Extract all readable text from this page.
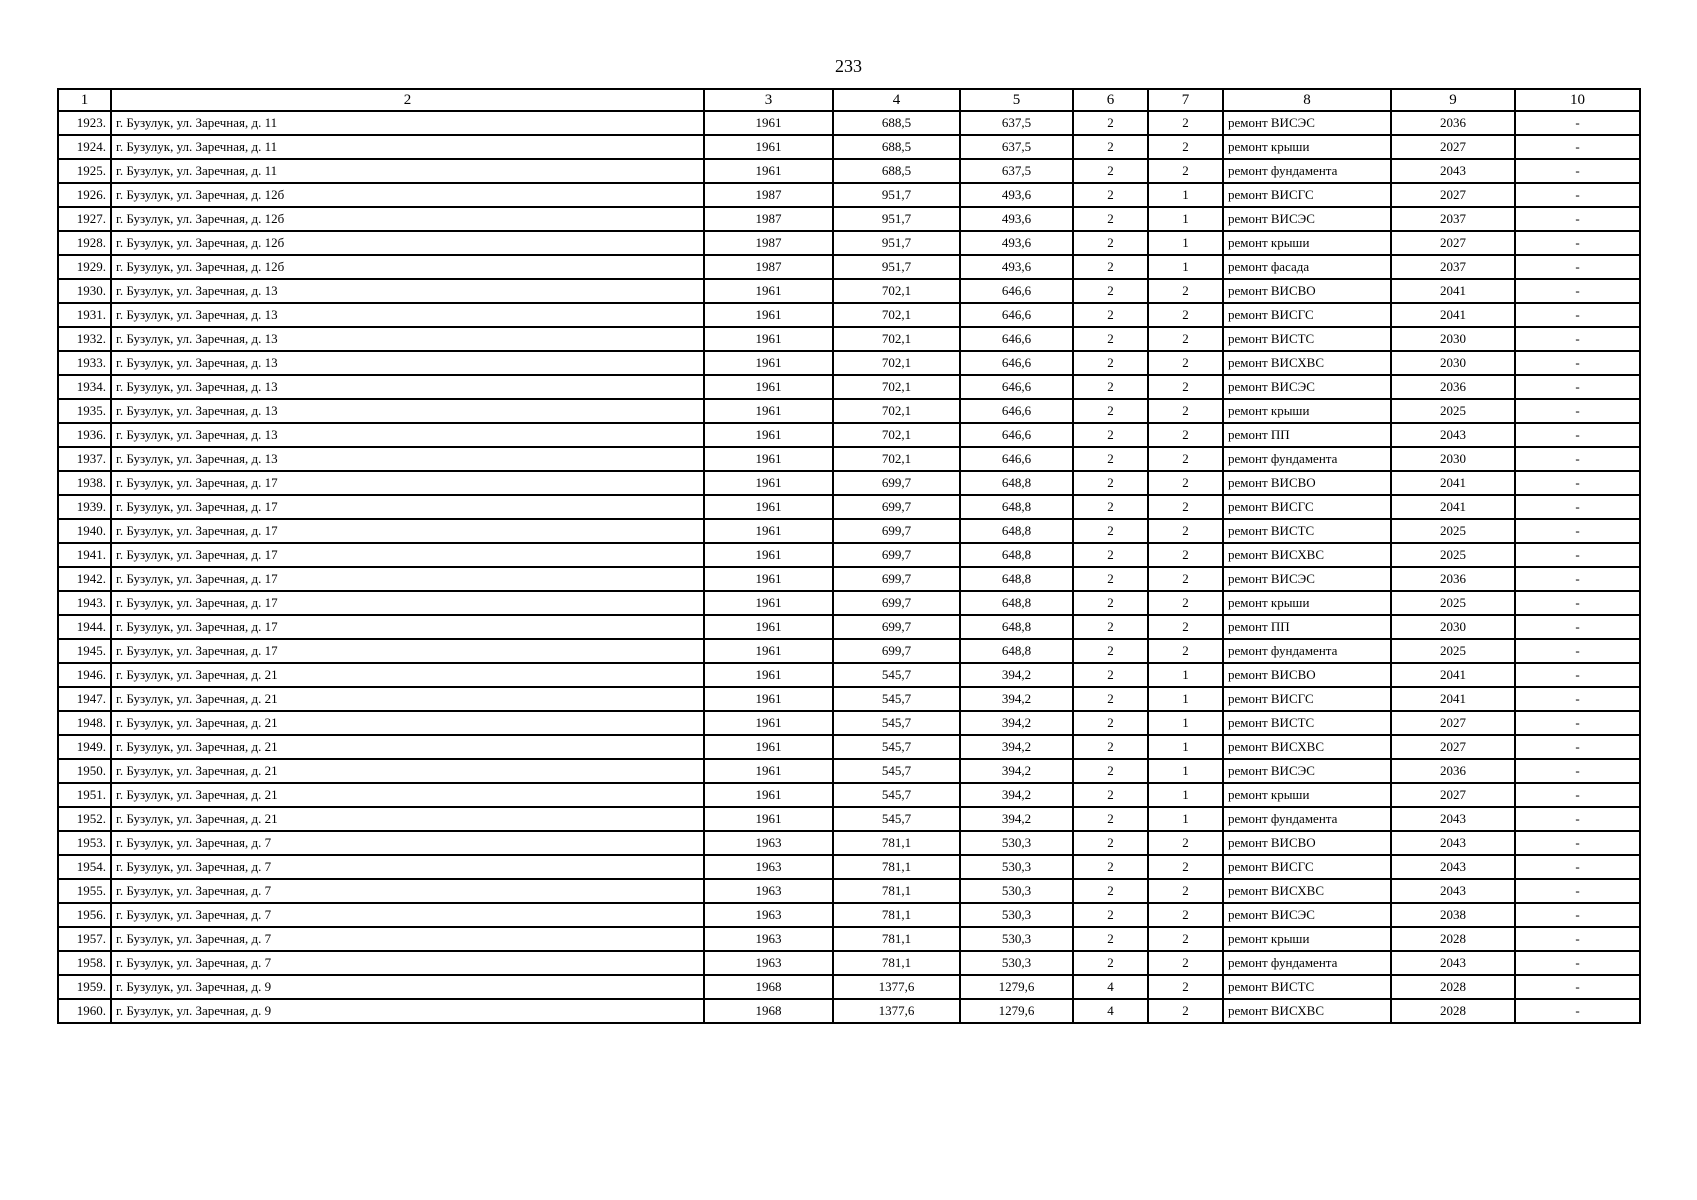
233
1	2	3	4	5	6	7	8	9	10
1923.	г. Бузулук, ул. Заречная, д. 11	1961	688,5	637,5	2	2	ремонт ВИСЭС	2036	-
1924.	г. Бузулук, ул. Заречная, д. 11	1961	688,5	637,5	2	2	ремонт крыши	2027	-
1925.	г. Бузулук, ул. Заречная, д. 11	1961	688,5	637,5	2	2	ремонт фундамента	2043	-
1926.	г. Бузулук, ул. Заречная, д. 12б	1987	951,7	493,6	2	1	ремонт ВИСГС	2027	-
1927.	г. Бузулук, ул. Заречная, д. 12б	1987	951,7	493,6	2	1	ремонт ВИСЭС	2037	-
1928.	г. Бузулук, ул. Заречная, д. 12б	1987	951,7	493,6	2	1	ремонт крыши	2027	-
1929.	г. Бузулук, ул. Заречная, д. 12б	1987	951,7	493,6	2	1	ремонт фасада	2037	-
1930.	г. Бузулук, ул. Заречная, д. 13	1961	702,1	646,6	2	2	ремонт ВИСВО	2041	-
1931.	г. Бузулук, ул. Заречная, д. 13	1961	702,1	646,6	2	2	ремонт ВИСГС	2041	-
1932.	г. Бузулук, ул. Заречная, д. 13	1961	702,1	646,6	2	2	ремонт ВИСТС	2030	-
1933.	г. Бузулук, ул. Заречная, д. 13	1961	702,1	646,6	2	2	ремонт ВИСХВС	2030	-
1934.	г. Бузулук, ул. Заречная, д. 13	1961	702,1	646,6	2	2	ремонт ВИСЭС	2036	-
1935.	г. Бузулук, ул. Заречная, д. 13	1961	702,1	646,6	2	2	ремонт крыши	2025	-
1936.	г. Бузулук, ул. Заречная, д. 13	1961	702,1	646,6	2	2	ремонт ПП	2043	-
1937.	г. Бузулук, ул. Заречная, д. 13	1961	702,1	646,6	2	2	ремонт фундамента	2030	-
1938.	г. Бузулук, ул. Заречная, д. 17	1961	699,7	648,8	2	2	ремонт ВИСВО	2041	-
1939.	г. Бузулук, ул. Заречная, д. 17	1961	699,7	648,8	2	2	ремонт ВИСГС	2041	-
1940.	г. Бузулук, ул. Заречная, д. 17	1961	699,7	648,8	2	2	ремонт ВИСТС	2025	-
1941.	г. Бузулук, ул. Заречная, д. 17	1961	699,7	648,8	2	2	ремонт ВИСХВС	2025	-
1942.	г. Бузулук, ул. Заречная, д. 17	1961	699,7	648,8	2	2	ремонт ВИСЭС	2036	-
1943.	г. Бузулук, ул. Заречная, д. 17	1961	699,7	648,8	2	2	ремонт крыши	2025	-
1944.	г. Бузулук, ул. Заречная, д. 17	1961	699,7	648,8	2	2	ремонт ПП	2030	-
1945.	г. Бузулук, ул. Заречная, д. 17	1961	699,7	648,8	2	2	ремонт фундамента	2025	-
1946.	г. Бузулук, ул. Заречная, д. 21	1961	545,7	394,2	2	1	ремонт ВИСВО	2041	-
1947.	г. Бузулук, ул. Заречная, д. 21	1961	545,7	394,2	2	1	ремонт ВИСГС	2041	-
1948.	г. Бузулук, ул. Заречная, д. 21	1961	545,7	394,2	2	1	ремонт ВИСТС	2027	-
1949.	г. Бузулук, ул. Заречная, д. 21	1961	545,7	394,2	2	1	ремонт ВИСХВС	2027	-
1950.	г. Бузулук, ул. Заречная, д. 21	1961	545,7	394,2	2	1	ремонт ВИСЭС	2036	-
1951.	г. Бузулук, ул. Заречная, д. 21	1961	545,7	394,2	2	1	ремонт крыши	2027	-
1952.	г. Бузулук, ул. Заречная, д. 21	1961	545,7	394,2	2	1	ремонт фундамента	2043	-
1953.	г. Бузулук, ул. Заречная, д. 7	1963	781,1	530,3	2	2	ремонт ВИСВО	2043	-
1954.	г. Бузулук, ул. Заречная, д. 7	1963	781,1	530,3	2	2	ремонт ВИСГС	2043	-
1955.	г. Бузулук, ул. Заречная, д. 7	1963	781,1	530,3	2	2	ремонт ВИСХВС	2043	-
1956.	г. Бузулук, ул. Заречная, д. 7	1963	781,1	530,3	2	2	ремонт ВИСЭС	2038	-
1957.	г. Бузулук, ул. Заречная, д. 7	1963	781,1	530,3	2	2	ремонт крыши	2028	-
1958.	г. Бузулук, ул. Заречная, д. 7	1963	781,1	530,3	2	2	ремонт фундамента	2043	-
1959.	г. Бузулук, ул. Заречная, д. 9	1968	1377,6	1279,6	4	2	ремонт ВИСТС	2028	-
1960.	г. Бузулук, ул. Заречная, д. 9	1968	1377,6	1279,6	4	2	ремонт ВИСХВС	2028	-
